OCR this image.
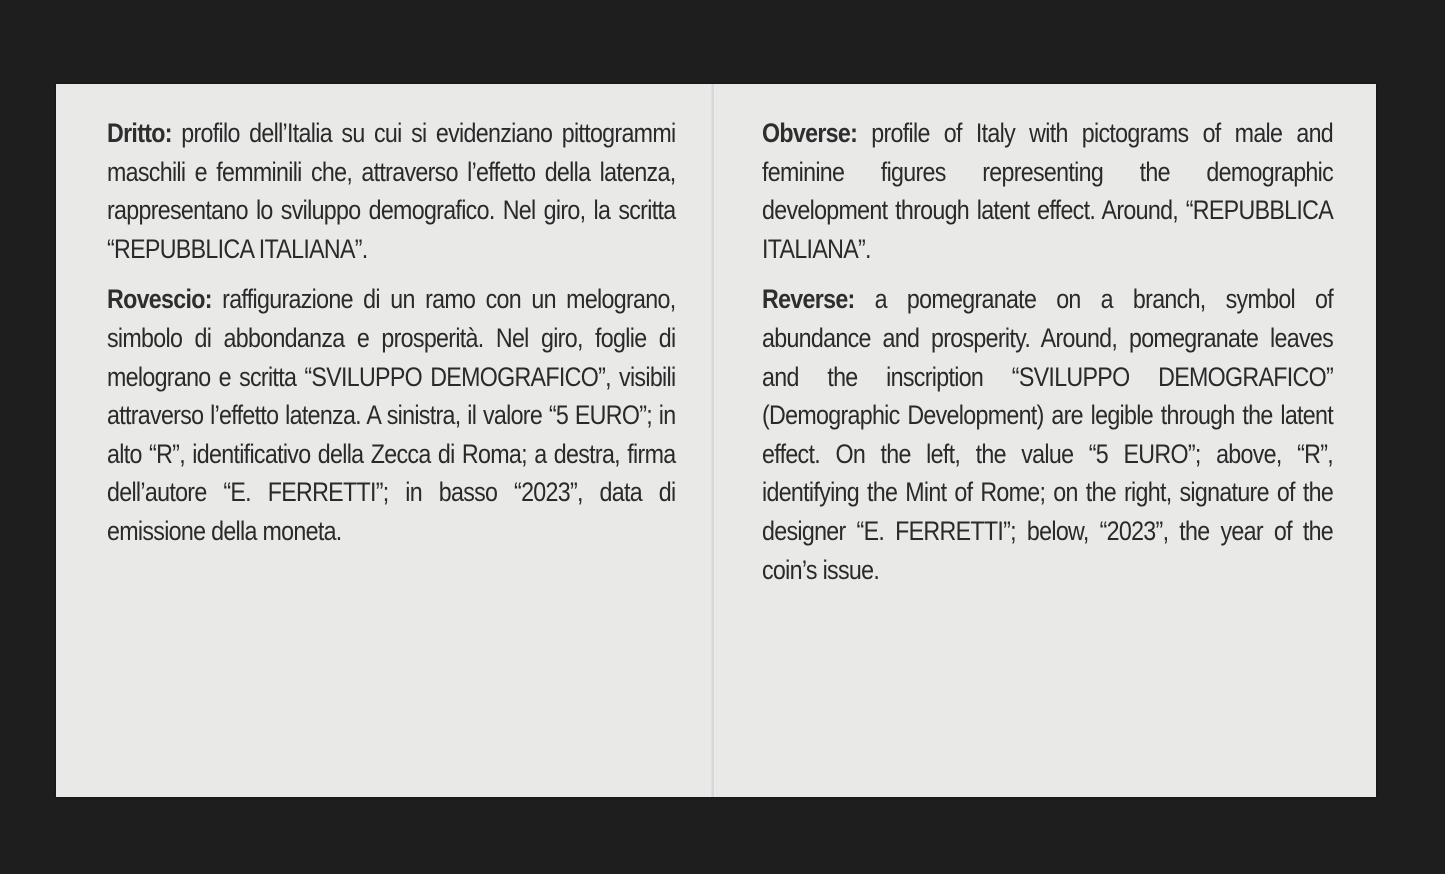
Dritto: profilo dell’Italia su cui si evidenziano pittogrammi maschili e femminili che, attraverso l’effetto della latenza, rappresentano lo sviluppo demografico. Nel giro, la scritta “REPUBBLICA ITALIANA”.

Rovescio: raffigurazione di un ramo con un melograno, simbolo di abbondanza e prosperità. Nel giro, foglie di melograno e scritta “SVILUPPO DEMOGRAFICO”, visibili attraverso l’effetto latenza. A sinistra, il valore “5 EURO”; in alto “R”, identificativo della Zecca di Roma; a destra, firma dell’autore “E. FERRETTI”; in basso “2023”, data di emissione della moneta.

Obverse: profile of Italy with pictograms of male and feminine figures representing the demographic development through latent effect. Around, “REPUBBLICA ITALIANA”.

Reverse: a pomegranate on a branch, symbol of abundance and prosperity. Around, pomegranate leaves and the inscription “SVILUPPO DEMOGRAFICO” (Demographic Development) are legible through the latent effect. On the left, the value “5 EURO”; above, “R”, identifying the Mint of Rome; on the right, signature of the designer “E. FERRETTI”; below, “2023”, the year of the coin’s issue.
